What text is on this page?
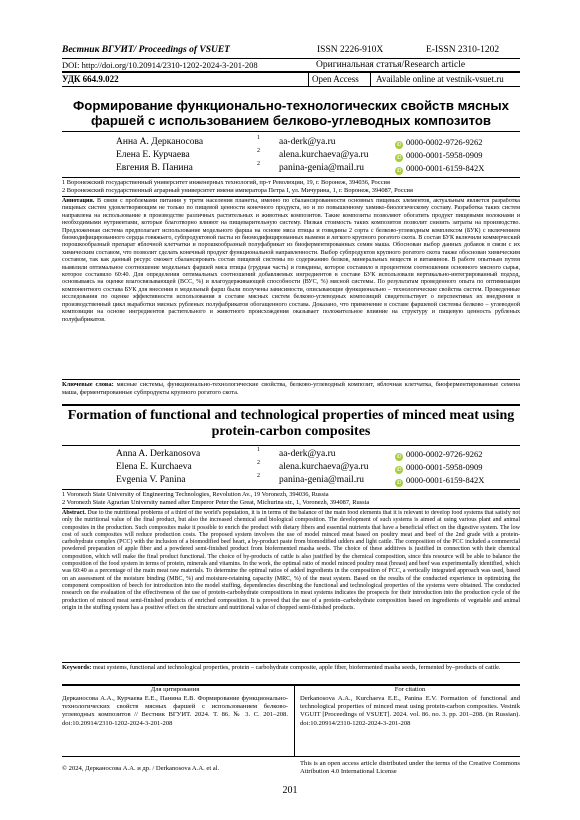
Вестник ВГУИТ/ Proceedings of VSUET	ISSN 2226-910X	E-ISSN 2310-1202
DOI: http://doi.org/10.20914/2310-1202-2024-3-201-208	Оригинальная статья/Research article
УДК 664.9.022	Open Access Available online at vestnik-vsuet.ru
Формирование функционально-технологических свойств мясных фаршей с использованием белково-углеводных композитов
Анна А. Дерканосова	1 aa-derk@ya.ru	iD 0000-0002-9726-9262
Елена Е. Курчаева	2 alena.kurchaeva@ya.ru	iD 0000-0001-5958-0909
Евгения В. Панина	2 panina-genia@mail.ru	iD 0000-0001-6159-842X
1 Воронежский государственный университет инженерных технологий, пр-т Революции, 19, г. Воронеж, 394036, Россия
2 Воронежский государственный аграрный университет имени императора Петра I, ул. Мичурина, 1, г. Воронеж, 394087, Россия
Аннотация. В связи с проблемами питания у трети населения планеты, именно по сбалансированности основных пищевых элементов, актуальным является разработка пищевых систем удовлетворяющим не только по пищевой ценности конечного продукта, но и по повышенному химико-биологическому составу. Разработка таких систем направлена на использование в производстве различных растительных и животных композитов. Такие композиты позволяют обогатить продукт пищевыми волокнами и необходимыми нутриентами, которые благотворно влияют на пищеварительную систему. Низкая стоимость таких композитов позволит снизить затраты на производство. Предложенная система предполагает использование модельного фарша на основе мяса птицы и говядины 2 сорта с белково-углеводным комплексом (БУК) с включением биомодифицированного сердца говяжьего, субпродуктовой пасты из биомодифицированных вымени и легкого крупного рогатого скота. В состав БУК включили коммерческий порошкообразный препарат яблочной клетчатки и порошкообразный полуфабрикат из биоферментированных семян маша. Обоснован выбор данных добавок в связи с их химическим составом, что позволит сделать конечный продукт функциональной направленности. Выбор субпродуктов крупного рогатого скота также обоснован химическим составом, так как данный ресурс сможет сбалансировать состав пищевой системы по содержанию белков, минеральных веществ и витаминов. В работе опытным путем выявлили оптимальное соотношение модельных фаршей мяса птицы (грудная часть) и говядины, которое составило в процентном соотношении основного мясного сырья, которое составило 60:40. Для определения оптимальных соотношений добавляемых ингредиентов в составе БУК использовали вертикально-интегрированный подход, основываясь на оценке влагосвязывающей (ВСС, %) и влагоудерживающей способности (ВУС, %) мясной системы. По результатам проведенного опыта по оптимизации компонентного состава БУК для внесения в модельный фарш были получены зависимости, описывающие функционально – технологические свойства систем. Проведенные исследования по оценке эффективности использования в составе мясных систем белково-углеводных композиций свидетельствует о перспективах их внедрения в производственный цикл выработки мясных рубленых полуфабрикатов обогащенного состава. Доказано, что применение в составе фаршевой системы белково – углеводной композиции на основе ингредиентов растительного и животного происхождения оказывает положительное влияние на структуру и пищевую ценность рубленых полуфабрикатов.
Ключевые слова: мясные системы, функционально-технологические свойства, белково-углеводный композит, яблочная клетчатка, биоферментированные семена маша, ферментированные субпродукты крупного рогатого скота.
Formation of functional and technological properties of minced meat using protein-carbon composites
Anna A. Derkanosova	1 aa-derk@ya.ru	iD 0000-0002-9726-9262
Elena E. Kurchaeva	2 alena.kurchaeva@ya.ru	iD 0000-0001-5958-0909
Evgenia V. Panina	2 panina-genia@mail.ru	iD 0000-0001-6159-842X
1 Voronezh State University of Engineering Technologies, Revolution Av., 19 Voronezh, 394036, Russia
2 Voronezh State Agrarian University named after Emperor Peter the Great, Michurina str., 1, Voronezh, 394087, Russia
Abstract. Due to the nutritional problems of a third of the world's population, it is in terms of the balance of the main food elements that it is relevant to develop food systems that satisfy not only the nutritional value of the final product, but also the increased chemical and biological composition. The development of such systems is aimed at using various plant and animal composites in the production. Such composites make it possible to enrich the product with dietary fibers and essential nutrients that have a beneficial effect on the digestive system. The low cost of such composites will reduce production costs. The proposed system involves the use of model minced meat based on poultry meat and beef of the 2nd grade with a protein-carbohydrate complex (PCC) with the inclusion of a biomodified beef heart, a by-product paste from biomodified udders and light cattle. The composition of the PCC included a commercial powdered preparation of apple fiber and a powdered semi-finished product from biofermented masha seeds. The choice of these additives is justified in connection with their chemical composition, which will make the final product functional. The choice of by-products of cattle is also justified by the chemical composition, since this resource will be able to balance the composition of the food system in terms of protein, minerals and vitamins. In the work, the optimal ratio of model minced poultry meat (breast) and beef was experimentally identified, which was 60:40 as a percentage of the main meat raw materials. To determine the optimal ratios of added ingredients in the composition of PCC, a vertically integrated approach was used, based on an assessment of the moisture binding (MBC, %) and moisture-retaining capacity (MRC, %) of the meat system. Based on the results of the conducted experience in optimizing the component composition of beech for introduction into the model stuffing, dependencies describing the functional and technological properties of the systems were obtained. The conducted research on the evaluation of the effectiveness of the use of protein-carbohydrate compositions in meat systems indicates the prospects for their introduction into the production cycle of the production of minced meat semi-finished products of enriched composition. It is proved that the use of a protein–carbohydrate composition based on ingredients of vegetable and animal origin in the stuffing system has a positive effect on the structure and nutritional value of chopped semi-finished products.
Keywords: meat systems, functional and technological properties, protein – carbohydrate composite, apple fiber, biofermented masha seeds, fermented by–products of cattle.
Для цитирования	For citation
Дерканосова А.А., Курчаева Е.Е., Панина Е.В. Формирование функционально-технологических свойств мясных фаршей с использованием белково-углеводных композитов // Вестник ВГУИТ. 2024. Т. 86. № 3. С. 201–208. doi:10.20914/2310-1202-2024-3-201-208
Derkanosova A.A., Kurchaeva E.E., Panina E.V. Formation of functional and technological properties of minced meat using protein-carbon composites. Vestnik VGUIT [Proceedings of VSUET]. 2024. vol. 86. no. 3. pp. 201–208. (in Russian). doi:10.20914/2310-1202-2024-3-201-208
© 2024, Дерканосова А.А. и др. / Derkanosova A.A. et al.
This is an open access article distributed under the terms of the Creative Commons Attribution 4.0 International License
201
